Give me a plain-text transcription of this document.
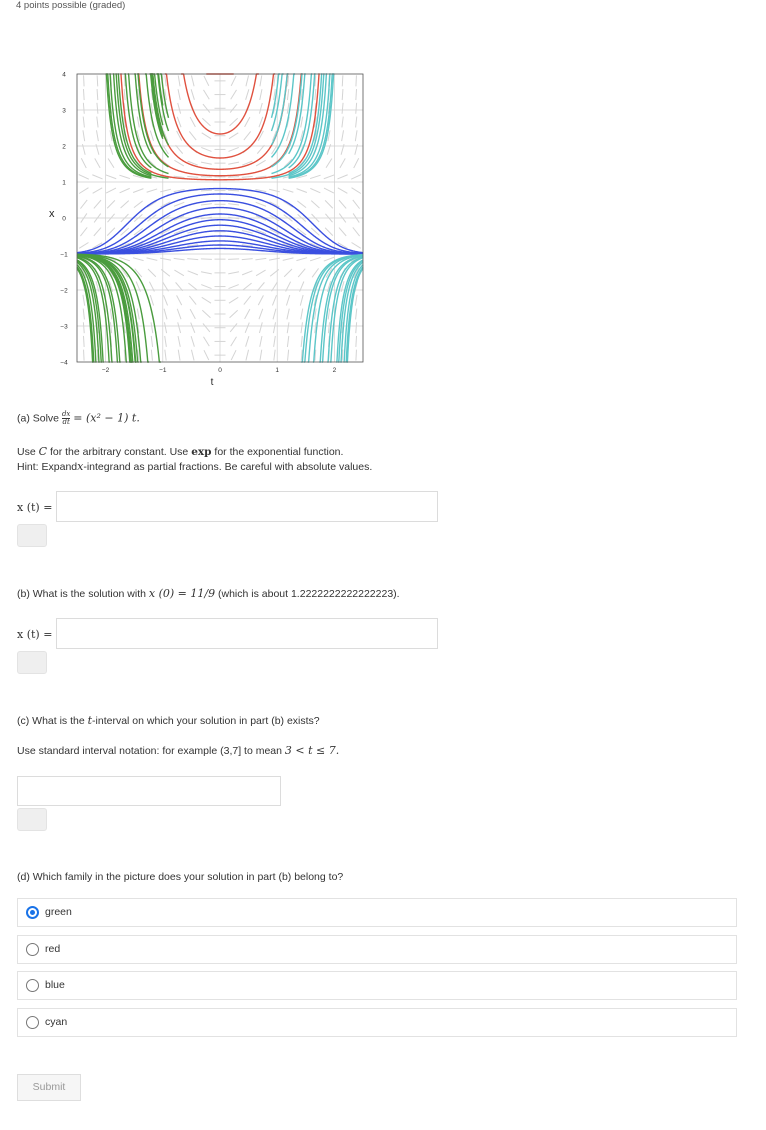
4 points possible (graded)
4
3
2
1
0
−1
−2
−3
−4
−2	−1	0	1	2
x
t
(a) Solve $\frac{dx}{dt} = (x^2 - 1)$ t.
Use C for the arbitrary constant. Use exp for the exponential function.
Hint: Expandx-integrand as partial fractions. Be careful with absolute values.
x (t) =
(b) What is the solution with x (0) = 11/9 (which is about 1.2222222222222223).
x (t) =
(c) What is the t-interval on which your solution in part (b) exists?
Use standard interval notation: for example (3,7] to mean 3 < t ≤ 7.
(d) Which family in the picture does your solution in part (b) belong to?
green
red
blue
cyan
Submit
